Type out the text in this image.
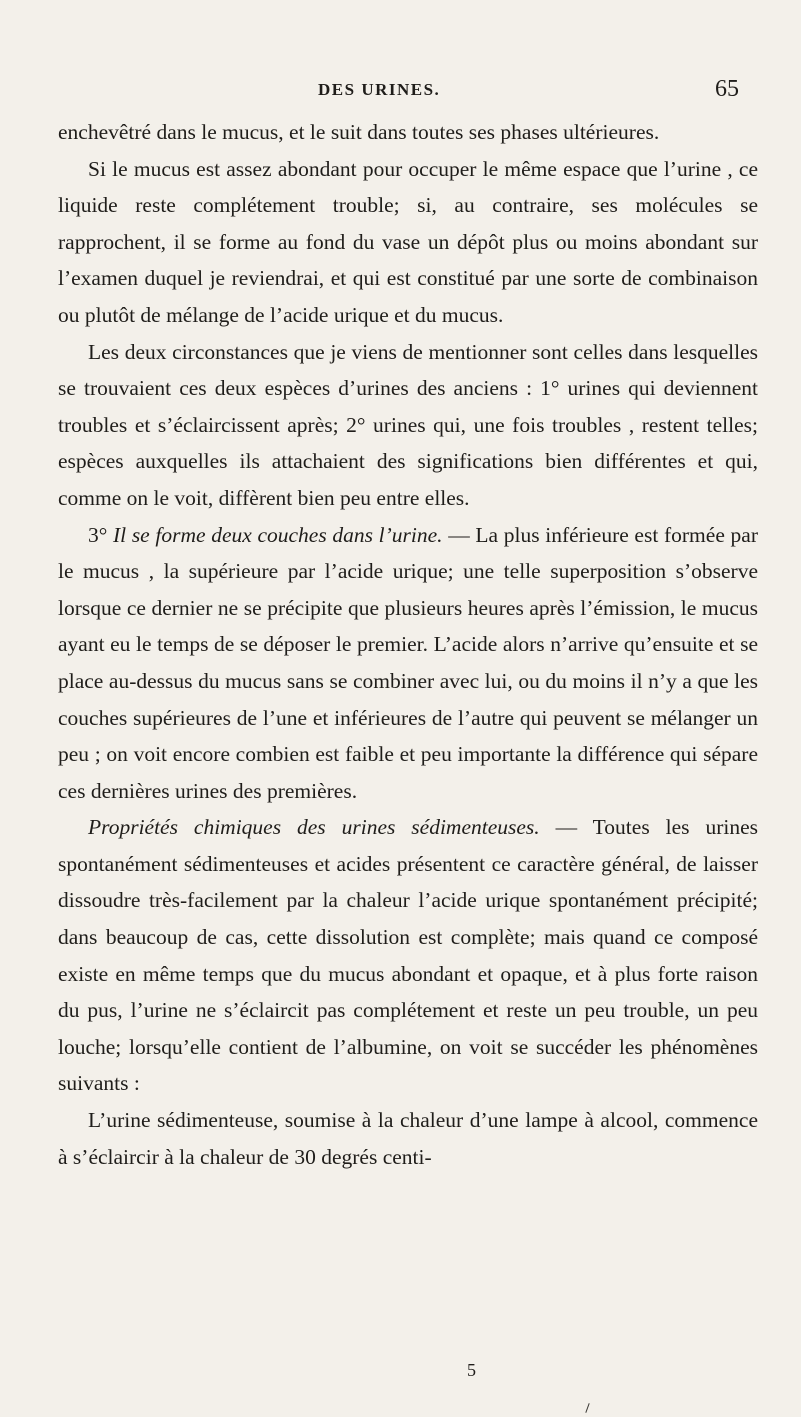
DES URINES.	65

enchevêtré dans le mucus, et le suit dans toutes ses phases ultérieures.

Si le mucus est assez abondant pour occuper le même espace que l’urine , ce liquide reste complétement trouble; si, au contraire, ses molécules se rapprochent, il se forme au fond du vase un dépôt plus ou moins abondant sur l’examen duquel je reviendrai, et qui est constitué par une sorte de combinaison ou plutôt de mélange de l’acide urique et du mucus.

Les deux circonstances que je viens de mentionner sont celles dans lesquelles se trouvaient ces deux espèces d’urines des anciens : 1° urines qui deviennent troubles et s’éclaircissent après; 2° urines qui, une fois troubles , restent telles; espèces auxquelles ils attachaient des significations bien différentes et qui, comme on le voit, diffèrent bien peu entre elles.

3° Il se forme deux couches dans l’urine. — La plus inférieure est formée par le mucus , la supérieure par l’acide urique; une telle superposition s’observe lorsque ce dernier ne se précipite que plusieurs heures après l’émission, le mucus ayant eu le temps de se déposer le premier. L’acide alors n’arrive qu’ensuite et se place au-dessus du mucus sans se combiner avec lui, ou du moins il n’y a que les couches supérieures de l’une et inférieures de l’autre qui peuvent se mélanger un peu ; on voit encore combien est faible et peu importante la différence qui sépare ces dernières urines des premières.

Propriétés chimiques des urines sédimenteuses. — Toutes les urines spontanément sédimenteuses et acides présentent ce caractère général, de laisser dissoudre très-facilement par la chaleur l’acide urique spontanément précipité; dans beaucoup de cas, cette dissolution est complète; mais quand ce composé existe en même temps que du mucus abondant et opaque, et à plus forte raison du pus, l’urine ne s’éclaircit pas complétement et reste un peu trouble, un peu louche; lorsqu’elle contient de l’albumine, on voit se succéder les phénomènes suivants :

L’urine sédimenteuse, soumise à la chaleur d’une lampe à alcool, commence à s’éclaircir à la chaleur de 30 degrés centi-

5
